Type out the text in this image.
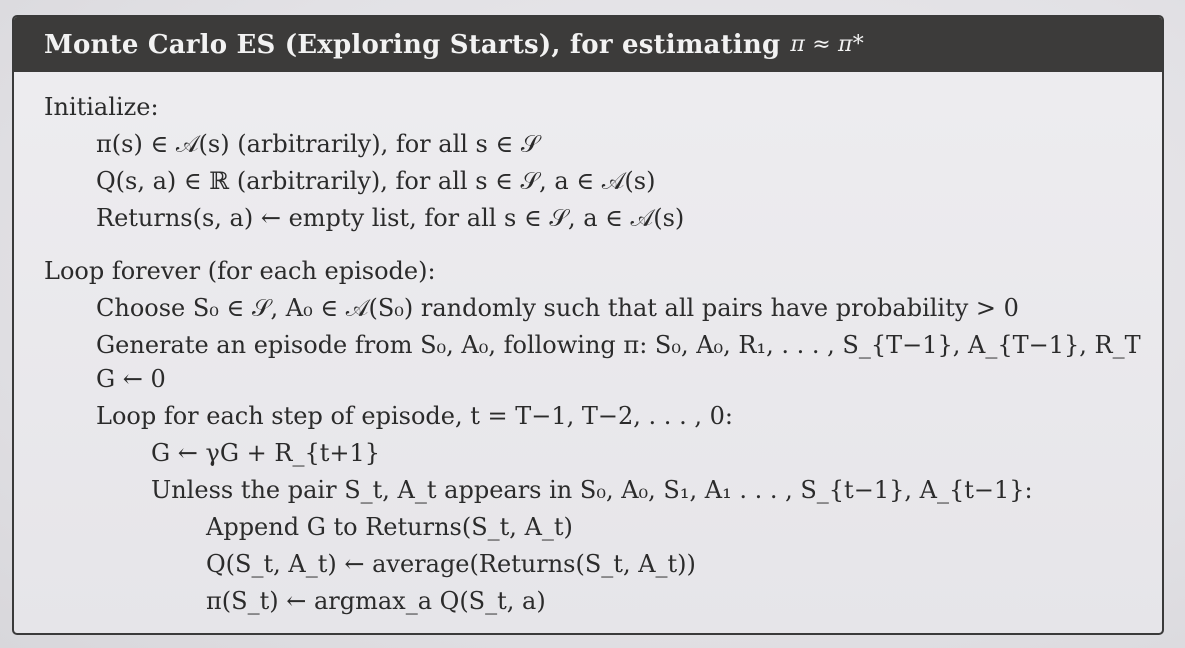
Monte Carlo ES (Exploring Starts), for estimating π ≈ π*
Initialize:
π(s) ∈ 𝒜(s) (arbitrarily), for all s ∈ 𝒮
Q(s, a) ∈ ℝ (arbitrarily), for all s ∈ 𝒮, a ∈ 𝒜(s)
Returns(s, a) ← empty list, for all s ∈ 𝒮, a ∈ 𝒜(s)
Loop forever (for each episode):
Choose S₀ ∈ 𝒮, A₀ ∈ 𝒜(S₀) randomly such that all pairs have probability > 0
Generate an episode from S₀, A₀, following π: S₀, A₀, R₁, . . . , S_{T−1}, A_{T−1}, R_T
G ← 0
Loop for each step of episode, t = T−1, T−2, . . . , 0:
G ← γG + R_{t+1}
Unless the pair S_t, A_t appears in S₀, A₀, S₁, A₁ . . . , S_{t−1}, A_{t−1}:
Append G to Returns(S_t, A_t)
Q(S_t, A_t) ← average(Returns(S_t, A_t))
π(S_t) ← argmax_a Q(S_t, a)
